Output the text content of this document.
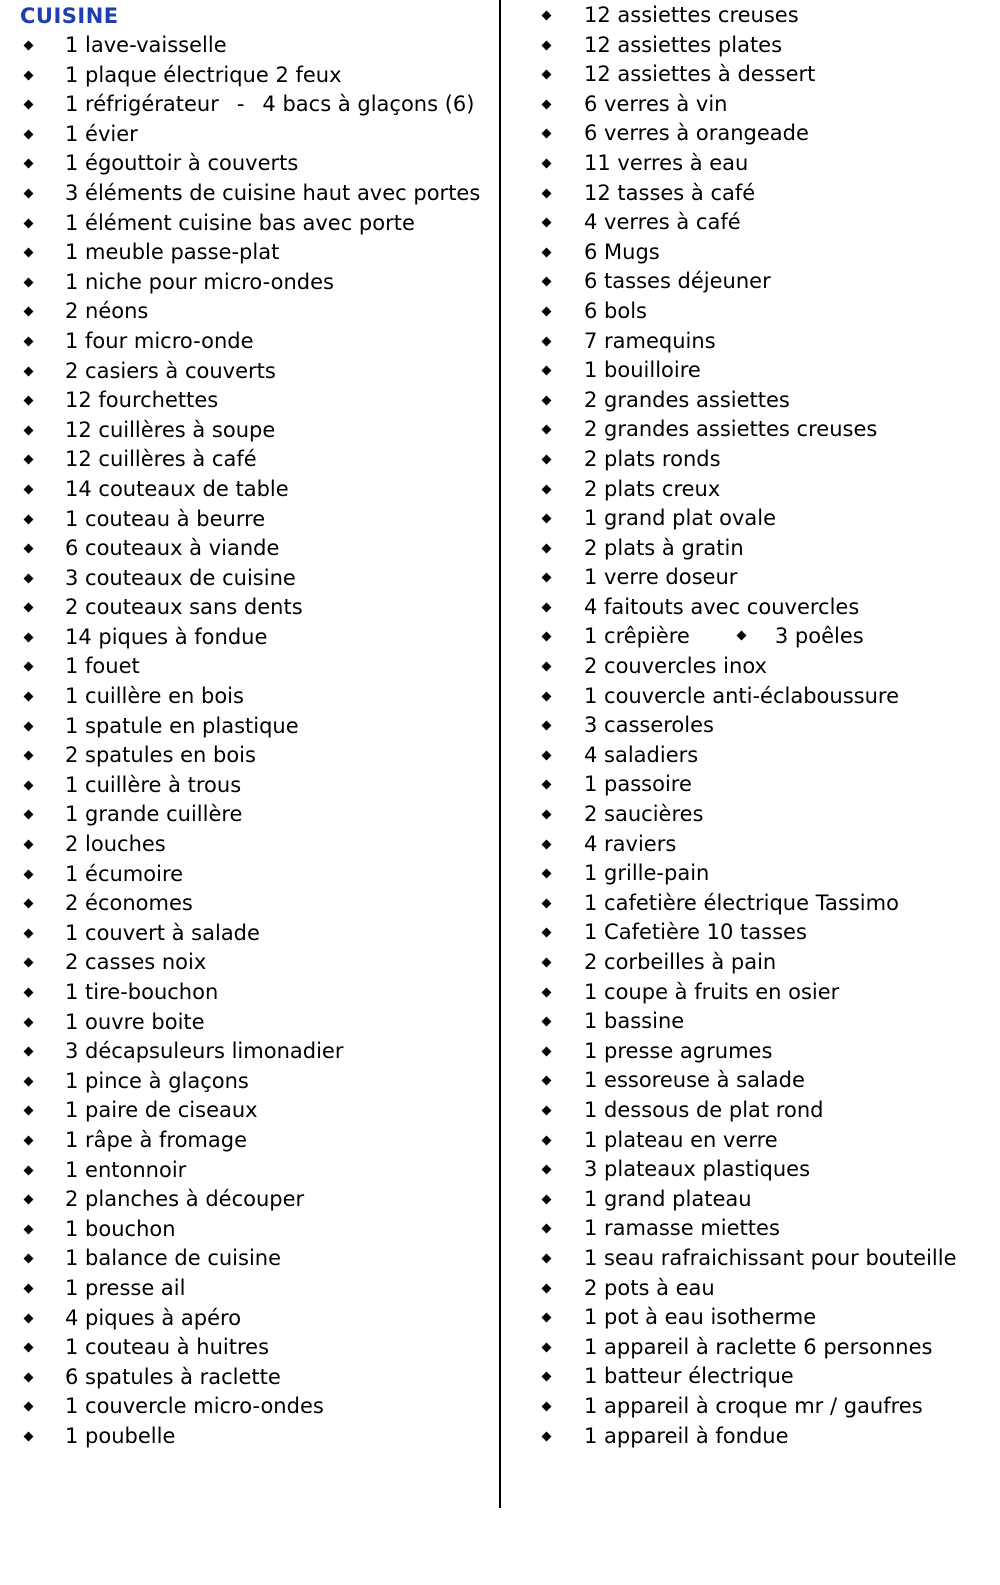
CUISINE
1 lave-vaisselle
1 plaque électrique 2 feux
1 réfrigérateur - 4 bacs à glaçons (6)
1 évier
1 égouttoir à couverts
3 éléments de cuisine haut avec portes
1 élément cuisine bas avec porte
1 meuble passe-plat
1 niche pour micro-ondes
2 néons
1 four micro-onde
2 casiers à couverts
12 fourchettes
12 cuillères à soupe
12 cuillères à café
14 couteaux de table
1 couteau à beurre
6 couteaux à viande
3 couteaux de cuisine
2 couteaux sans dents
14 piques à fondue
1 fouet
1 cuillère en bois
1 spatule en plastique
2 spatules en bois
1 cuillère à trous
1 grande cuillère
2 louches
1 écumoire
2 économes
1 couvert à salade
2 casses noix
1 tire-bouchon
1 ouvre boite
3 décapsuleurs limonadier
1 pince à glaçons
1 paire de ciseaux
1 râpe à fromage
1 entonnoir
2 planches à découper
1 bouchon
1 balance de cuisine
1 presse ail
4 piques à apéro
1 couteau à huitres
6 spatules à raclette
1 couvercle micro-ondes
1 poubelle
12 assiettes creuses
12 assiettes plates
12 assiettes à dessert
6 verres à vin
6 verres à orangeade
11 verres à eau
12 tasses à café
4 verres à café
6 Mugs
6 tasses déjeuner
6 bols
7 ramequins
1 bouilloire
2 grandes assiettes
2 grandes assiettes creuses
2 plats ronds
2 plats creux
1 grand plat ovale
2 plats à gratin
1 verre doseur
4 faitouts avec couvercles
1 crêpière	3 poêles
2 couvercles inox
1 couvercle anti-éclaboussure
3 casseroles
4 saladiers
1 passoire
2 saucières
4 raviers
1 grille-pain
1 cafetière électrique Tassimo
1 Cafetière 10 tasses
2 corbeilles à pain
1 coupe à fruits en osier
1 bassine
1 presse agrumes
1 essoreuse à salade
1 dessous de plat rond
1 plateau en verre
3 plateaux plastiques
1 grand plateau
1 ramasse miettes
1 seau rafraichissant pour bouteille
2 pots à eau
1 pot à eau isotherme
1 appareil à raclette 6 personnes
1 batteur électrique
1 appareil à croque mr / gaufres
1 appareil à fondue
